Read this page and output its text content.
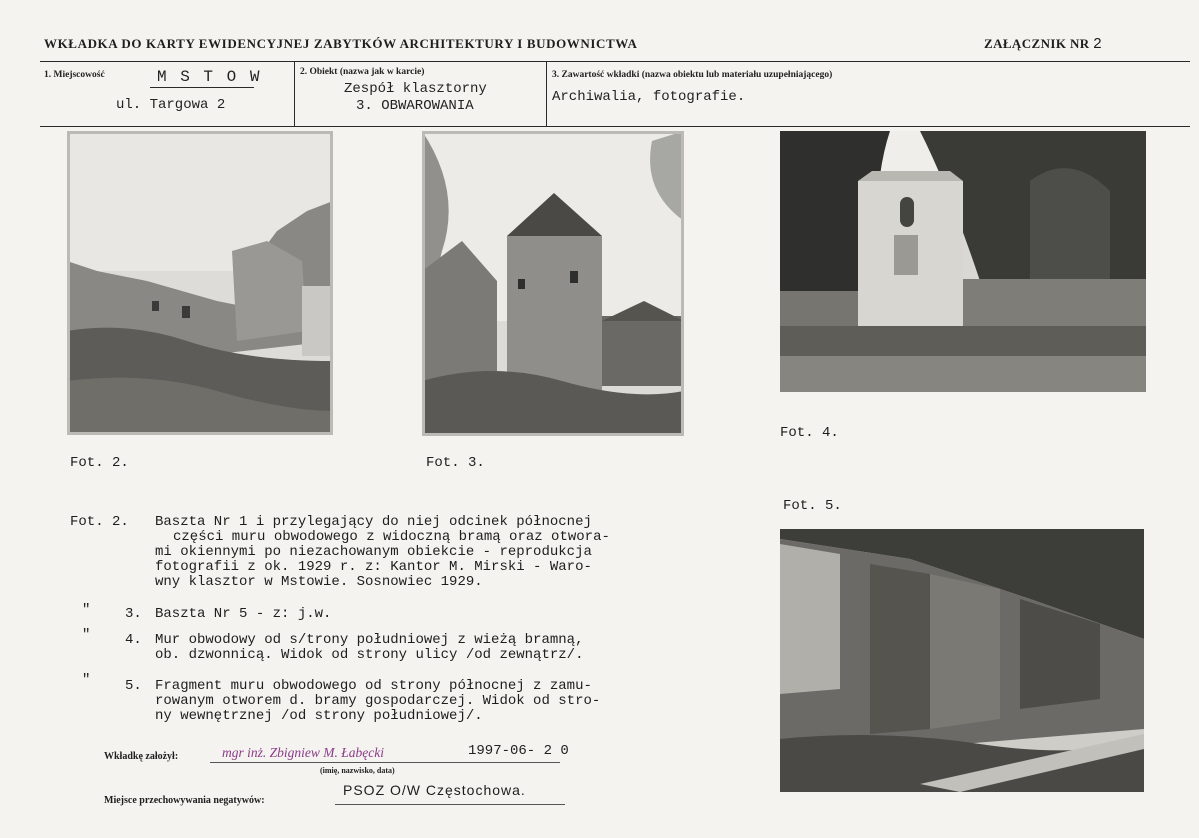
WKŁADKA DO KARTY EWIDENCYJNEJ ZABYTKÓW ARCHITEKTURY I BUDOWNICTWA	ZAŁĄCZNIK NR 2
1. Miejscowość	M S T O W
ul. Targowa 2
2. Obiekt (nazwa jak w karcie)
Zespół klasztorny
3. OBWAROWANIA
3. Zawartość wkładki (nazwa obiektu lub materiału uzupełniającego)
Archiwalia, fotografie.
Fot. 2.	Fot. 3.
Fot. 4.
Fot. 5.
Fot. 2. Baszta Nr 1 i przylegający do niej odcinek północnej
części muru obwodowego z widoczną bramą oraz otwora-
mi okiennymi po niezachowanym obiekcie - reprodukcja
fotografii z ok. 1929 r. z: Kantor M. Mirski - Waro-
wny klasztor w Mstowie. Sosnowiec 1929.
" 3. Baszta Nr 5 - z: j.w.
" 4. Mur obwodowy od s/trony południowej z wieżą bramną,
ob. dzwonnicą. Widok od strony ulicy /od zewnątrz/.
" 5. Fragment muru obwodowego od strony północnej z zamu-
rowanym otworem d. bramy gospodarczej. Widok od stro-
ny wewnętrznej /od strony południowej/.
Wkładkę założył:	mgr inż. Zbigniew M. Łabęcki	1997-06- 2 0
(imię, nazwisko, data)
Miejsce przechowywania negatywów:
PSOZ O/W Częstochowa.
